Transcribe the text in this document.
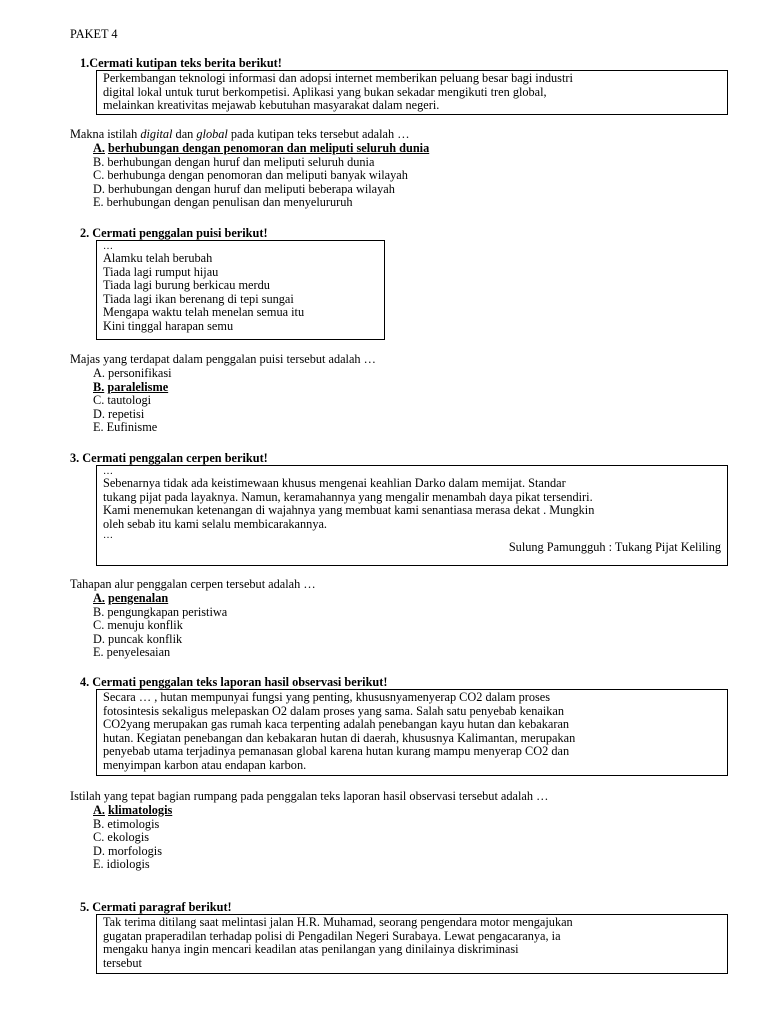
PAKET 4
1.Cermati kutipan teks berita berikut!
Perkembangan teknologi informasi dan adopsi internet memberikan peluang besar bagi industri
digital lokal untuk turut berkompetisi. Aplikasi yang bukan sekadar mengikuti tren global,
melainkan kreativitas mejawab kebutuhan masyarakat dalam negeri.
Makna istilah digital dan global pada kutipan teks tersebut adalah …
A. berhubungan dengan penomoran dan meliputi seluruh dunia
B. berhubungan dengan huruf dan meliputi seluruh dunia
C. berhubunga dengan penomoran dan meliputi banyak wilayah
D. berhubungan dengan huruf dan meliputi beberapa wilayah
E. berhubungan dengan penulisan dan menyelururuh
2. Cermati penggalan puisi berikut!
…
Alamku telah berubah
Tiada lagi rumput hijau
Tiada lagi burung berkicau merdu
Tiada lagi ikan berenang di tepi sungai
Mengapa waktu telah menelan semua itu
Kini tinggal harapan semu
Majas yang terdapat dalam penggalan puisi tersebut adalah …
A. personifikasi
B. paralelisme
C. tautologi
D. repetisi
E. Eufinisme
3. Cermati penggalan cerpen berikut!
…
Sebenarnya tidak ada keistimewaan khusus mengenai keahlian Darko dalam memijat. Standar
tukang pijat pada layaknya. Namun, keramahannya yang mengalir menambah daya pikat tersendiri.
Kami menemukan ketenangan di wajahnya yang membuat kami senantiasa merasa dekat . Mungkin
oleh sebab itu kami selalu membicarakannya.
…
Sulung Pamungguh : Tukang Pijat Keliling
Tahapan alur penggalan cerpen tersebut adalah …
A. pengenalan
B. pengungkapan peristiwa
C. menuju konflik
D. puncak konflik
E. penyelesaian
4. Cermati penggalan teks laporan hasil observasi berikut!
Secara … , hutan mempunyai fungsi yang penting, khususnyamenyerap CO2 dalam proses
fotosintesis sekaligus melepaskan O2 dalam proses yang sama. Salah satu penyebab kenaikan
CO2yang merupakan gas rumah kaca terpenting adalah penebangan kayu hutan dan kebakaran
hutan. Kegiatan penebangan dan kebakaran hutan di daerah, khususnya Kalimantan, merupakan
penyebab utama terjadinya pemanasan global karena hutan kurang mampu menyerap CO2 dan
menyimpan karbon atau endapan karbon.
Istilah yang tepat bagian rumpang pada penggalan teks laporan hasil observasi tersebut adalah …
A. klimatologis
B. etimologis
C. ekologis
D. morfologis
E. idiologis
5. Cermati paragraf berikut!
Tak terima ditilang saat melintasi jalan H.R. Muhamad, seorang pengendara motor mengajukan
gugatan praperadilan terhadap polisi di Pengadilan Negeri Surabaya. Lewat pengacaranya, ia
mengaku hanya ingin mencari keadilan atas penilangan yang dinilainya diskriminasi
tersebut
